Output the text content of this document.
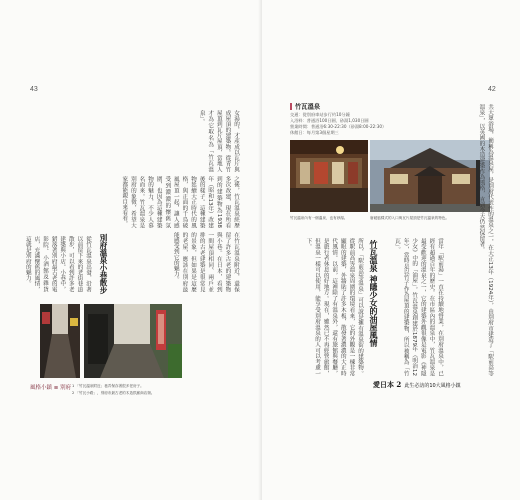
43
女湯的，才產成以瓦片與成屋頂的建築物。從青竹屋頂到瓦片屋頂，當地人才為它取名為「竹瓦溫泉」。
之後，竹瓦溫泉經歷多次改建，現在所看到的建築物為1938年（昭和13年）改建後的樣子。這棟建築物延續大正時代的風格，與正面的千鳥破風屋頂一起，讓人感受到濃濃的懷舊氛圍，也因為這棟建築物的魅力，不少人慕名而來。竹瓦溫泉是別府的象徵，希望大家都能親自來看看。
在竹瓦溫泉附近，還保留了許多古老的建築物與小巷。在日本，看到一間屋頂相同、兩戶並排的古老建築是很常見的景象，但如果是這麼的老屋，應該在別府最能感受到它的魅力。
別府溫泉小巷散步
從竹瓦溫泉出發，沿著以前留下來的老街巷道散步，可以看到許多老建築與小店。小巷中，錯落著別府最古老的電影院、小酒館及雜貨店，充滿懷舊的風情，這就是別府的魅力。
1 「竹瓦溫泉附近」巷弄保存著很多老房子。
2 「竹瓦小路」，別府市最古老的木造拱廊商店街。
風格小鎮 ≡ 別府
42
竹瓦溫泉
交通：從別府車站步行約10分鐘
入浴料：普通浴100日圓、砂湯1,030日圓
營業時間：普通浴6:30-22:30（砂湯8:00-22:30）
休館日：每月第3個星期三
竹瓦溫泉內有一個溫泉，也有砂湯。	唐破風樣式的入口與瓦片屋頂是竹瓦溫泉的特色。
所以，「駅前高等溫泉」可以說是擁有溫泉街的建築物。從駅前高等溫泉周圍的環境看來，它的外觀是一棟非常顯眼的建築，外牆貼了許多木板，散發著濃濃的大正時代風情。以前，這裡除了有溫泉外，還有旅館與餐廳，是旅行者休息的好地方。現在，雖然已不再經營旅館，但溫泉一樣可以使用，能享受別府溫泉的人可以考慮一下。	竹瓦溫泉 神隱少女的油屋風情	當年「駅前湯」一直在持續地營業，在別府溫泉中，已經有超過百年的歷史。在市區內的溫泉中，竹瓦溫泉是最受歡迎的溫泉之一，它的建築外觀很像是電影《神隱少女》中的「油屋」。竹瓦溫泉創建於1879年（明治12年），當時是以竹子作為屋頂的建築物，所以被稱為「竹瓦」。	共大眾浴場，簡稱為溫泉屋，是別府代表性的溫泉之一，在大正13年（1924年），由別府市建造了「駅前高等溫泉」，以英國的木造建築作為風格，直到今天仍然保留著。
愛日本 2 此生必訪的10大風格小鎮
